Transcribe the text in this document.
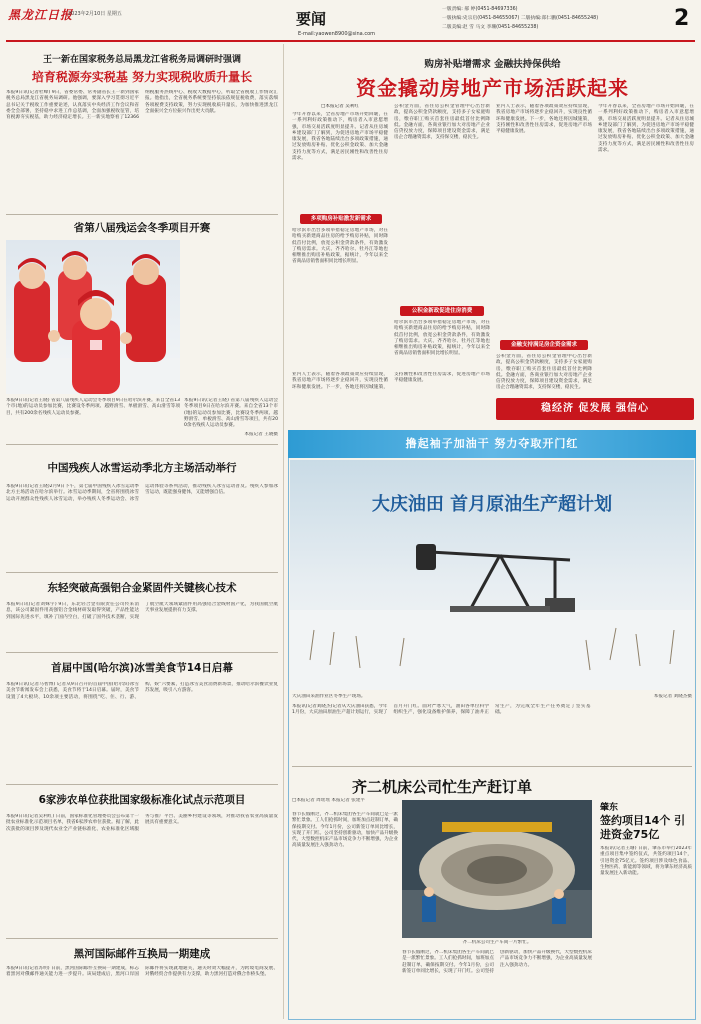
黑龙江日报
2023年2月10日 星期五	要闻
E-mail:yaowen8900@sina.com
一版责编: 郝 婷(0451-84697336)
一版执编:史宗启(0451-84655067) 二版执编:郑仁鹏(0451-84655248)
二版美编:赵 雪 马文 李珊(0451-84655238)	2
王一新在国家税务总局黑龙江省税务局调研时强调
培育税源夯实税基 努力实现税收质升量长
本报9日讯(记者杜峰) 9日，省委常委、常务副省长王一新到国家税务总局黑龙江省税务局调研。他强调，要深入学习贯彻习近平总书记关于税收工作重要论述，认真落实中央经济工作会议和省委全会部署，坚持稳中求进工作总基调，全面加强税收征管，培育税源夯实税基，助力经济稳定增长。王一新实地察看了12366纳税服务热线中心、税收大数据中心，听取全省税收工作情况汇报。他指出，全省税务系统要坚持依法依规征税收费，落实落细各项税费支持政策，努力实现税收质升量长，为加快推进黑龙江全面振兴全方位振兴作出更大贡献。
省第八届残运会冬季项目开赛
本报9日讯(记者王晓) 省第八届残疾人运动会冬季项目9日在哈尔滨开赛。来自全省13个市(地)的运动员参加比赛，比赛设冬季两项、越野滑雪、单板滑雪、高山滑雪等项目，共有200余名残疾人运动员参赛。
本报9日讯(记者王晓) 省第八届残疾人运动会冬季项目9日在哈尔滨开赛。来自全省13个市(地)的运动员参加比赛，比赛设冬季两项、越野滑雪、单板滑雪、高山滑雪等项目，共有200余名残疾人运动员参赛。
本报记者 王晓摄
中国残疾人冰雪运动季北方主场活动举行
本报9日讯(记者王晓)2月9日下午，第七届中国残疾人冰雪运动季北方主场活动在哈尔滨举行。冰雪运动季期间，全省将围绕冰雪运动开展群众性残疾人冰雪运动，举办残疾人冬季运动会、冰雪运动体验等系列活动，推动残疾人冰雪运动普及。残疾人参加冰雪运动，既能强身健体，又能增强自信。
东轻突破高强铝合金紧固件关键核心技术
本报9日讯(记者刘姝宇) 9日，东北轻合金有限责任公司传来消息，该公司紧固件用高强铝合金线材研发取得突破，产品性能达到国际先进水平，填补了国内空白，打破了国外技术垄断，实现了航空航天领域紧固件用高强铝合金线材国产化，为我国航空航天事业发展提供有力支撑。
首届中国(哈尔滨)冰雪美食节14日启幕
本报9日讯(记者马智博) 记者从9日召开的首届中国(哈尔滨)冰雪美食节新闻发布会上获悉，美食节将于14日启幕。届时，美食节设置了4大板块、10余项主要活动，将围绕“吃、住、行、游、购、娱”六要素，打造冰雪美食消费新场景，推动哈尔滨餐饮业复苏发展，吸引八方游客。
6家涉农单位获批国家级标准化试点示范项目
本报9日讯(记者吴利红) 日前，国家标准化管理委员会公布第十一批农业标准化示范项目名单，我省6家涉农单位获批。据了解，此次获批的项目涉及现代农业全产业链标准化、农业标准化区域服务与推广平台、美丽乡村建设等领域，对推动我省农业高质量发展具有重要意义。
黑河国际邮件互换局一期建成
本报9日讯(记者苏明) 日前，黑河国际邮件互换局一期建成，标志着黑河对俄邮件通关能力进一步提升。该局建成后，黑河口岸国际邮件将实现就地通关，通关时效大幅提升，为跨境电商发展、对俄经贸合作提供有力支撑，助力黑河打造对俄合作桥头堡。
购房补贴增需求 金融扶持保供给
资金撬动房地产市场活跃起来
□本报记者 吴利红
今年开春以来，全省房地产市场开始回暖，在一系列利好政策推动下，购房者入市意愿增强，市场交易活跃度明显提升。记者从住房城乡建设部门了解到，为促进房地产市场平稳健康发展，我省各地陆续出台多项政策措施，通过发放购房补贴、优化公积金政策、加大金融支持力度等方式，满足居民刚性和改善性住房需求。
多项购房补贴激发新需求
哈尔滨市出台多项举措稳定房地产市场，对在哈购买新建商品住房的给予购房补贴，同时降低首付比例，放宽公积金贷款条件，有效激发了购房需求。大庆、齐齐哈尔、牡丹江等地也相继推出购房补贴政策，据统计，今年以来全省商品房销售面积同比增长明显。
公积金方面，省住房公积金管理中心出台新政，提高公积金贷款额度，支持多子女家庭购房，缴存职工购买首套住房最低首付比例降低。金融方面，各商业银行加大对房地产企业信贷投放力度，保障项目建设资金需求，满足房企合理融资需求，支持保交楼，稳民生。
公积金新政促进住房消费
哈尔滨市出台多项举措稳定房地产市场，对在哈购买新建商品住房的给予购房补贴，同时降低首付比例，放宽公积金贷款条件，有效激发了购房需求。大庆、齐齐哈尔、牡丹江等地也相继推出购房补贴政策，据统计，今年以来全省商品房销售面积同比增长明显。
业内人士表示，随着各项政策效应持续显现，我省房地产市场将逐步企稳回升，实现良性循环和健康发展。下一步，各地还将因城施策，支持刚性和改善性住房需求，促进房地产市场平稳健康发展。
金融支持满足房企资金需求
公积金方面，省住房公积金管理中心出台新政，提高公积金贷款额度，支持多子女家庭购房，缴存职工购买首套住房最低首付比例降低。金融方面，各商业银行加大对房地产企业信贷投放力度，保障项目建设资金需求，满足房企合理融资需求，支持保交楼，稳民生。
今年开春以来，全省房地产市场开始回暖，在一系列利好政策推动下，购房者入市意愿增强，市场交易活跃度明显提升。记者从住房城乡建设部门了解到，为促进房地产市场平稳健康发展，我省各地陆续出台多项政策措施，通过发放购房补贴、优化公积金政策、加大金融支持力度等方式，满足居民刚性和改善性住房需求。
稳经济 促发展 强信心
撸起袖子加油干 努力夺取开门红
大庆油田 首月原油生产超计划
大庆油田采油作业区冬季生产现场。	本报记者 刘晓杰摄
本报讯(记者刘晓杰)记者从大庆油田获悉，今年1月份，大庆油田原油生产超计划运行，实现了首月开门红。面对严寒天气，油田各单位科学组织生产，强化设备维护保养，保障了油井正常生产，为完成全年生产任务奠定了坚实基础。
齐二机床公司忙生产赶订单
□本报记者 周瑶瑶 本报记者 张建平
春节长假刚过，齐二机床集团各生产车间就已是一派繁忙景象。工人们抢抓时间，加班加点赶制订单，确保按期交付。今年1月份，公司新签订单同比增长，实现了开门红。公司坚持创新驱动，加快产品升级换代，大型数控机床产品市场竞争力不断增强，为企业高质量发展注入强劲动力。
齐二机床公司生产车间一片繁忙。
春节长假刚过，齐二机床集团各生产车间就已是一派繁忙景象。工人们抢抓时间，加班加点赶制订单，确保按期交付。今年1月份，公司新签订单同比增长，实现了开门红。公司坚持创新驱动，加快产品升级换代，大型数控机床产品市场竞争力不断增强，为企业高质量发展注入强劲动力。
肇东
签约项目14个 引进资金75亿
本报讯(记者王珊) 日前，肇东市举行2023年重点项目集中签约仪式，共签约项目14个，引进资金75亿元。签约项目涉及绿色食品、生物医药、新能源等领域，将为肇东经济高质量发展注入新动能。
业内人士表示，随着各项政策效应持续显现，我省房地产市场将逐步企稳回升，实现良性循环和健康发展。下一步，各地还将因城施策，支持刚性和改善性住房需求，促进房地产市场平稳健康发展。
